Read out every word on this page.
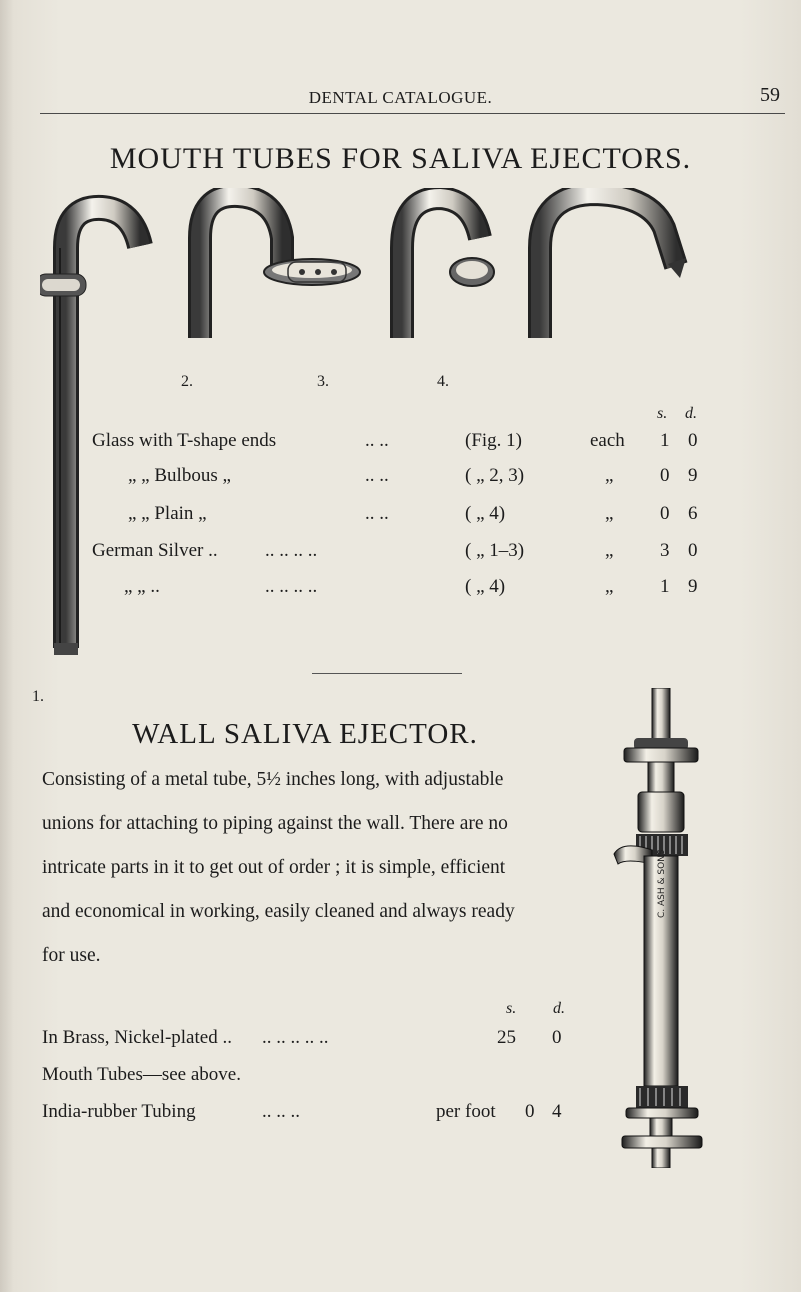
DENTAL CATALOGUE.	59
MOUTH TUBES FOR SALIVA EJECTORS.
1.
2.	3.	4.
s. d.
Glass with T-shape ends	.. ..	(Fig. 1)	each 1 0
„ „ Bulbous „	.. ..	( „ 2, 3)	„ 0 9
„ „ Plain „	.. ..	( „ 4)	„ 0 6
German Silver .. .. .. .. ..	( „ 1–3)	„ 3 0
„ „ ..	.. .. .. ..	( „ 4)	„ 1 9
WALL SALIVA EJECTOR.
Consisting of a metal tube, 5½ inches long, with adjustable
unions for attaching to piping against the wall. There are no
intricate parts in it to get out of order ; it is simple, efficient
and economical in working, easily cleaned and always ready
for use.
s. d.
In Brass, Nickel-plated .. .. .. .. .. ..	25 0
Mouth Tubes—see above.
India-rubber Tubing	.. .. ..	per foot 0 4
C. ASH & SONS
